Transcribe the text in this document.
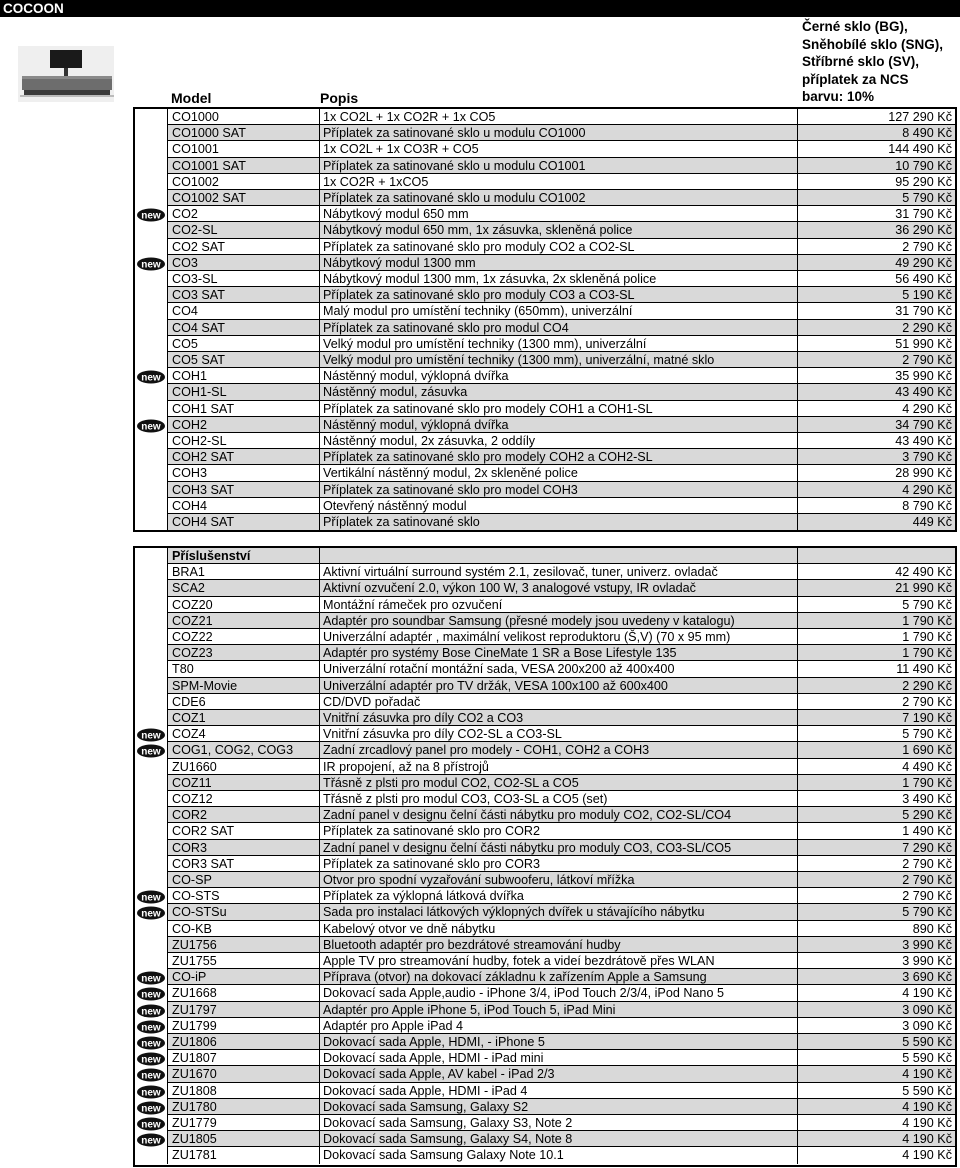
COCOON
Model	Popis
Černé sklo (BG),
Sněhobílé sklo (SNG),
Stříbrné sklo (SV),
příplatek za NCS
barvu: 10%
CO1000	1x CO2L + 1x CO2R + 1x CO5	127 290 Kč
CO1000 SAT	Příplatek za satinované sklo u modulu CO1000	8 490 Kč
CO1001	1x CO2L + 1x CO3R + CO5	144 490 Kč
CO1001 SAT	Příplatek za satinované sklo u modulu CO1001	10 790 Kč
CO1002	1x CO2R + 1xCO5	95 290 Kč
CO1002 SAT	Příplatek za satinované sklo u modulu CO1002	5 790 Kč
new CO2	Nábytkový modul 650 mm	31 790 Kč
CO2-SL	Nábytkový modul 650 mm, 1x zásuvka, skleněná police	36 290 Kč
CO2 SAT	Příplatek za satinované sklo pro moduly CO2 a CO2-SL	2 790 Kč
new CO3	Nábytkový modul 1300 mm	49 290 Kč
CO3-SL	Nábytkový modul 1300 mm, 1x zásuvka, 2x skleněná police	56 490 Kč
CO3 SAT	Příplatek za satinované sklo pro moduly CO3 a CO3-SL	5 190 Kč
CO4	Malý modul pro umístění techniky (650mm), univerzální	31 790 Kč
CO4 SAT	Příplatek za satinované sklo pro modul CO4	2 290 Kč
CO5	Velký modul pro umístění techniky (1300 mm), univerzální	51 990 Kč
CO5 SAT	Velký modul pro umístění techniky (1300 mm), univerzální, matné sklo	2 790 Kč
new COH1	Nástěnný modul, výklopná dvířka	35 990 Kč
COH1-SL	Nástěnný modul, zásuvka	43 490 Kč
COH1 SAT	Příplatek za satinované sklo pro modely COH1 a COH1-SL	4 290 Kč
new COH2	Nástěnný modul, výklopná dvířka	34 790 Kč
COH2-SL	Nástěnný modul, 2x zásuvka, 2 oddíly	43 490 Kč
COH2 SAT	Příplatek za satinované sklo pro modely COH2 a COH2-SL	3 790 Kč
COH3	Vertikální nástěnný modul, 2x skleněné police	28 990 Kč
COH3 SAT	Příplatek za satinované sklo pro model COH3	4 290 Kč
COH4	Otevřený nástěnný modul	8 790 Kč
COH4 SAT	Příplatek za satinované sklo	449 Kč
Příslušenství
BRA1	Aktivní virtuální surround systém 2.1, zesilovač, tuner, univerz. ovladač	42 490 Kč
SCA2	Aktivní ozvučení 2.0, výkon 100 W, 3 analogové vstupy, IR ovladač	21 990 Kč
COZ20	Montážní rámeček pro ozvučení	5 790 Kč
COZ21	Adaptér pro soundbar Samsung (přesné modely jsou uvedeny v katalogu)	1 790 Kč
COZ22	Univerzální adaptér , maximální velikost reproduktoru (Š,V) (70 x 95 mm)	1 790 Kč
COZ23	Adaptér pro systémy Bose CineMate 1 SR a Bose Lifestyle 135	1 790 Kč
T80	Univerzální rotační montážní sada, VESA 200x200 až 400x400	11 490 Kč
SPM-Movie	Univerzální adaptér pro TV držák, VESA 100x100 až 600x400	2 290 Kč
CDE6	CD/DVD pořadač	2 790 Kč
COZ1	Vnitřní zásuvka pro díly CO2 a CO3	7 190 Kč
new COZ4	Vnitřní zásuvka pro díly CO2-SL a CO3-SL	5 790 Kč
new COG1, COG2, COG3	Zadní zrcadlový panel pro modely - COH1, COH2 a COH3	1 690 Kč
ZU1660	IR propojení, až na 8 přístrojů	4 490 Kč
COZ11	Třásně z plsti pro modul CO2, CO2-SL a CO5	1 790 Kč
COZ12	Třásně z plsti pro modul CO3, CO3-SL a CO5 (set)	3 490 Kč
COR2	Zadní panel v designu čelní části nábytku pro moduly CO2, CO2-SL/CO4	5 290 Kč
COR2 SAT	Příplatek za satinované sklo pro COR2	1 490 Kč
COR3	Zadní panel v designu čelní části nábytku pro moduly CO3, CO3-SL/CO5	7 290 Kč
COR3 SAT	Příplatek za satinované sklo pro COR3	2 790 Kč
CO-SP	Otvor pro spodní vyzařování subwooferu, látkoví mřížka	2 790 Kč
new CO-STS	Příplatek za výklopná látková dvířka	2 790 Kč
new CO-STSu	Sada pro instalaci látkových výklopných dvířek u stávajícího nábytku	5 790 Kč
CO-KB	Kabelový otvor ve dně nábytku	890 Kč
ZU1756	Bluetooth adaptér pro bezdrátové streamování hudby	3 990 Kč
ZU1755	Apple TV pro streamování hudby, fotek a videí bezdrátově přes WLAN	3 990 Kč
new CO-iP	Příprava (otvor) na dokovací základnu k zařízením Apple a Samsung	3 690 Kč
new ZU1668	Dokovací sada Apple,audio - iPhone 3/4, iPod Touch 2/3/4, iPod Nano 5	4 190 Kč
new ZU1797	Adaptér pro Apple iPhone 5, iPod Touch 5, iPad Mini	3 090 Kč
new ZU1799	Adaptér pro Apple iPad 4	3 090 Kč
new ZU1806	Dokovací sada Apple, HDMI, - iPhone 5	5 590 Kč
new ZU1807	Dokovací sada Apple, HDMI - iPad mini	5 590 Kč
new ZU1670	Dokovací sada Apple, AV kabel - iPad 2/3	4 190 Kč
new ZU1808	Dokovací sada Apple, HDMI - iPad 4	5 590 Kč
new ZU1780	Dokovací sada Samsung, Galaxy S2	4 190 Kč
new ZU1779	Dokovací sada Samsung, Galaxy S3, Note 2	4 190 Kč
new ZU1805	Dokovací sada Samsung, Galaxy S4, Note 8	4 190 Kč
ZU1781	Dokovací sada Samsung Galaxy Note 10.1	4 190 Kč
